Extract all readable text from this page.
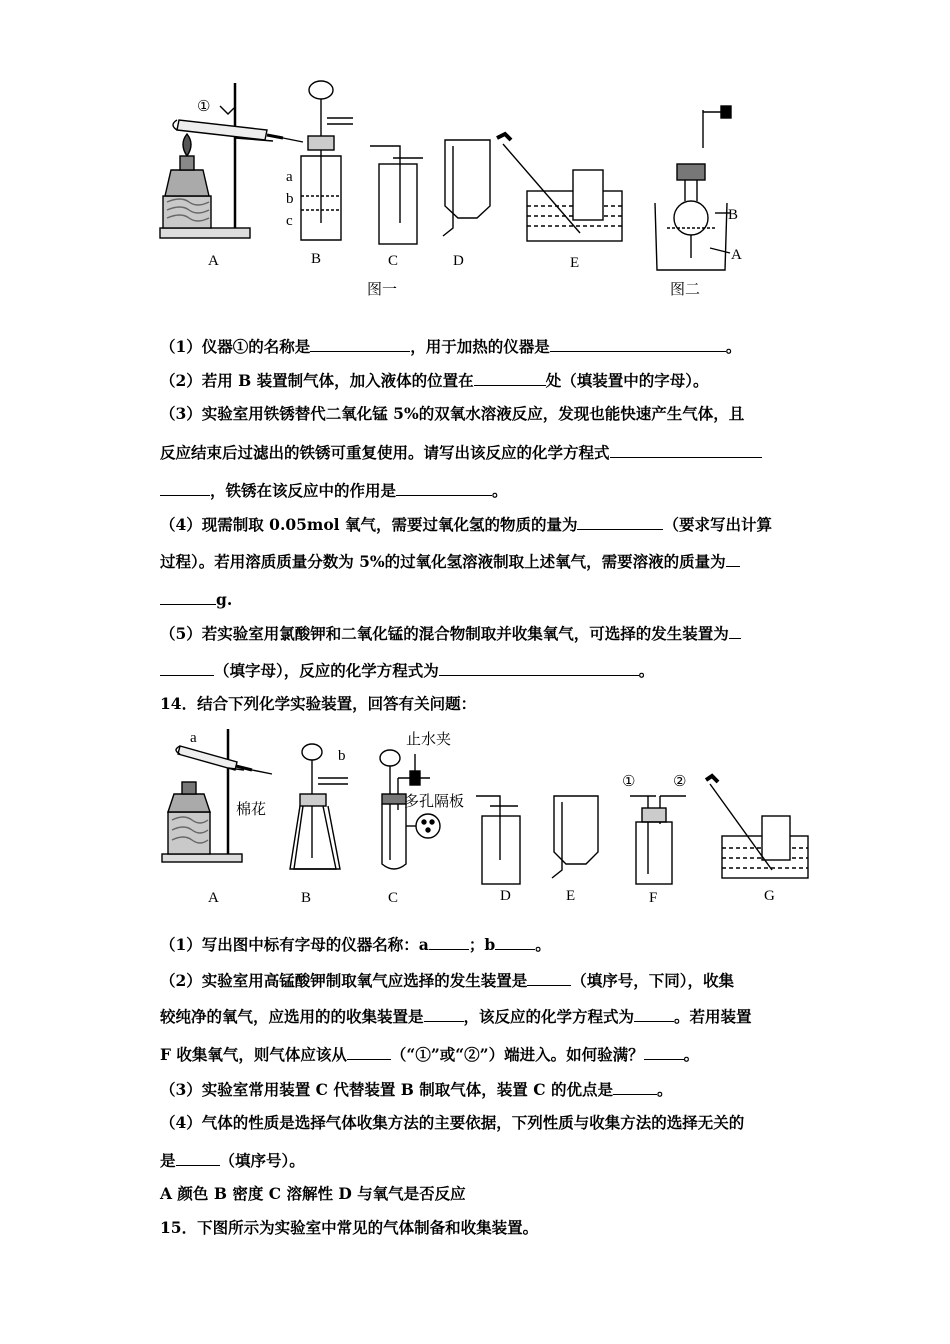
①
a
b
c
A	B	C	D	E
图一	图二
B
A
（1）仪器①的名称是	，用于加热的仪器是	。
（2）若用 B 装置制气体，加入液体的位置在	处（填装置中的字母）。
（3）实验室用铁锈替代二氧化锰 5%的双氧水溶液反应，发现也能快速产生气体，且
反应结束后过滤出的铁锈可重复使用。请写出该反应的化学方程式
，铁锈在该反应中的作用是	。
（4）现需制取 0.05mol 氧气，需要过氧化氢的物质的量为	（要求写出计算
过程）。若用溶质质量分数为 5%的过氧化氢溶液制取上述氧气，需要溶液的质量为
g.
（5）若实验室用氯酸钾和二氧化锰的混合物制取并收集氧气，可选择的发生装置为
（填字母），反应的化学方程式为	。
14．结合下列化学实验装置，回答有关问题：
a
b
棉花
止水夹
多孔隔板
①	②
A	B	C	D	E	F	G
（1）写出图中标有字母的仪器名称：a	；b	。
（2）实验室用高锰酸钾制取氧气应选择的发生装置是	（填序号，下同），收集
较纯净的氧气，应选用的的收集装置是	，该反应的化学方程式为	。若用装置
F 收集氧气，则气体应该从	（“①”或“②”）端进入。如何验满？	。
（3）实验室常用装置 C 代替装置 B 制取气体，装置 C 的优点是	。
（4）气体的性质是选择气体收集方法的主要依据，下列性质与收集方法的选择无关的
是	（填序号）。
A 颜色 B 密度 C 溶解性 D 与氧气是否反应
15．下图所示为实验室中常见的气体制备和收集装置。
